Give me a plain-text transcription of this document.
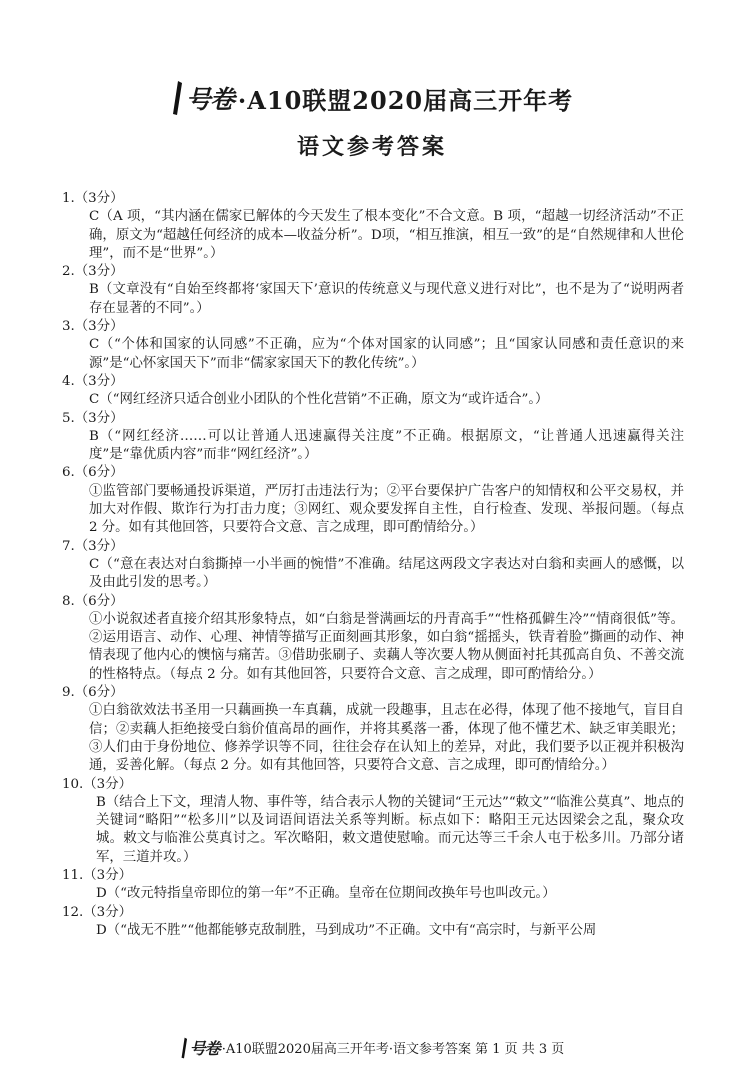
号卷 ·A10联盟2020届高三开年考
语文参考答案
1.（3分）
C（A 项，“其内涵在儒家已解体的今天发生了根本变化”不合文意。B 项，“超越一切经济活动”不正确，原文为“超越任何经济的成本—收益分析”。D项，“相互推演，相互一致”的是“自然规律和人世伦理”，而不是“世界”。）
2.（3分）
B（文章没有“自始至终都将‘家国天下’意识的传统意义与现代意义进行对比”，也不是为了“说明两者存在显著的不同”。）
3.（3分）
C（“个体和国家的认同感”不正确，应为“个体对国家的认同感”；且“国家认同感和责任意识的来源”是“心怀家国天下”而非“儒家家国天下的教化传统”。）
4.（3分）
C（“网红经济只适合创业小团队的个性化营销”不正确，原文为“或许适合”。）
5.（3分）
B（“网红经济……可以让普通人迅速赢得关注度”不正确。根据原文，“让普通人迅速赢得关注度”是“靠优质内容”而非“网红经济”。）
6.（6分）
①监管部门要畅通投诉渠道，严厉打击违法行为；②平台要保护广告客户的知情权和公平交易权，并加大对作假、欺诈行为打击力度；③网红、观众要发挥自主性，自行检查、发现、举报问题。（每点 2 分。如有其他回答，只要符合文意、言之成理，即可酌情给分。）
7.（3分）
C（“意在表达对白翁撕掉一小半画的惋惜”不准确。结尾这两段文字表达对白翁和卖画人的感慨，以及由此引发的思考。）
8.（6分）
①小说叙述者直接介绍其形象特点，如“白翁是誉满画坛的丹青高手”“性格孤僻生冷”“情商很低”等。②运用语言、动作、心理、神情等描写正面刻画其形象，如白翁“摇摇头，铁青着脸”撕画的动作、神情表现了他内心的懊恼与痛苦。③借助张刷子、卖藕人等次要人物从侧面衬托其孤高自负、不善交流的性格特点。（每点 2 分。如有其他回答，只要符合文意、言之成理，即可酌情给分。）
9.（6分）
①白翁欲效法书圣用一只藕画换一车真藕，成就一段趣事，且志在必得，体现了他不接地气，盲目自信；②卖藕人拒绝接受白翁价值高昂的画作，并将其奚落一番，体现了他不懂艺术、缺乏审美眼光；③人们由于身份地位、修养学识等不同，往往会存在认知上的差异，对此，我们要予以正视并积极沟通，妥善化解。（每点 2 分。如有其他回答，只要符合文意、言之成理，即可酌情给分。）
10.（3分）
B（结合上下文，理清人物、事件等，结合表示人物的关键词“王元达”“敕文”“临淮公莫真”、地点的关键词“略阳”“松多川”以及词语间语法关系等判断。标点如下：略阳王元达因梁会之乱，聚众攻城。敕文与临淮公莫真讨之。军次略阳，敕文遣使慰喻。而元达等三千余人屯于松多川。乃部分诸军，三道并攻。）
11.（3分）
D（“改元特指皇帝即位的第一年”不正确。皇帝在位期间改换年号也叫改元。）
12.（3分）
D（“战无不胜”“他都能够克敌制胜，马到成功”不正确。文中有“高宗时，与新平公周
号卷 ·A10联盟2020届高三开年考·语文参考答案 第 1 页 共 3 页
